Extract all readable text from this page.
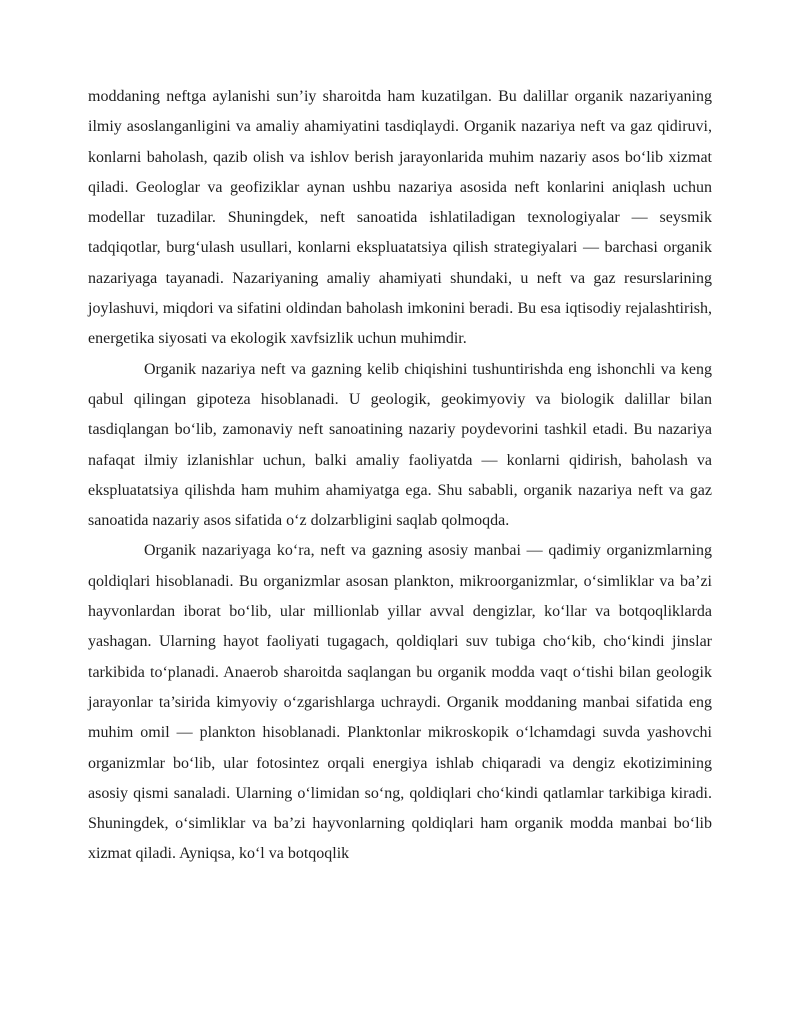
moddaning neftga aylanishi sun’iy sharoitda ham kuzatilgan. Bu dalillar organik nazariyaning ilmiy asoslanganligini va amaliy ahamiyatini tasdiqlaydi. Organik nazariya neft va gaz qidiruvi, konlarni baholash, qazib olish va ishlov berish jarayonlarida muhim nazariy asos bo‘lib xizmat qiladi. Geologlar va geofiziklar aynan ushbu nazariya asosida neft konlarini aniqlash uchun modellar tuzadilar. Shuningdek, neft sanoatida ishlatiladigan texnologiyalar — seysmik tadqiqotlar, burg‘ulash usullari, konlarni ekspluatatsiya qilish strategiyalari — barchasi organik nazariyaga tayanadi. Nazariyaning amaliy ahamiyati shundaki, u neft va gaz resurslarining joylashuvi, miqdori va sifatini oldindan baholash imkonini beradi. Bu esa iqtisodiy rejalashtirish, energetika siyosati va ekologik xavfsizlik uchun muhimdir.

Organik nazariya neft va gazning kelib chiqishini tushuntirishda eng ishonchli va keng qabul qilingan gipoteza hisoblanadi. U geologik, geokimyoviy va biologik dalillar bilan tasdiqlangan bo‘lib, zamonaviy neft sanoatining nazariy poydevorini tashkil etadi. Bu nazariya nafaqat ilmiy izlanishlar uchun, balki amaliy faoliyatda — konlarni qidirish, baholash va ekspluatatsiya qilishda ham muhim ahamiyatga ega. Shu sababli, organik nazariya neft va gaz sanoatida nazariy asos sifatida o‘z dolzarbligini saqlab qolmoqda.

Organik nazariyaga ko‘ra, neft va gazning asosiy manbai — qadimiy organizmlarning qoldiqlari hisoblanadi. Bu organizmlar asosan plankton, mikroorganizmlar, o‘simliklar va ba’zi hayvonlardan iborat bo‘lib, ular millionlab yillar avval dengizlar, ko‘llar va botqoqliklarda yashagan. Ularning hayot faoliyati tugagach, qoldiqlari suv tubiga cho‘kib, cho‘kindi jinslar tarkibida to‘planadi. Anaerob sharoitda saqlangan bu organik modda vaqt o‘tishi bilan geologik jarayonlar ta’sirida kimyoviy o‘zgarishlarga uchraydi. Organik moddaning manbai sifatida eng muhim omil — plankton hisoblanadi. Planktonlar mikroskopik o‘lchamdagi suvda yashovchi organizmlar bo‘lib, ular fotosintez orqali energiya ishlab chiqaradi va dengiz ekotizimining asosiy qismi sanaladi. Ularning o‘limidan so‘ng, qoldiqlari cho‘kindi qatlamlar tarkibiga kiradi. Shuningdek, o‘simliklar va ba’zi hayvonlarning qoldiqlari ham organik modda manbai bo‘lib xizmat qiladi. Ayniqsa, ko‘l va botqoqlik
